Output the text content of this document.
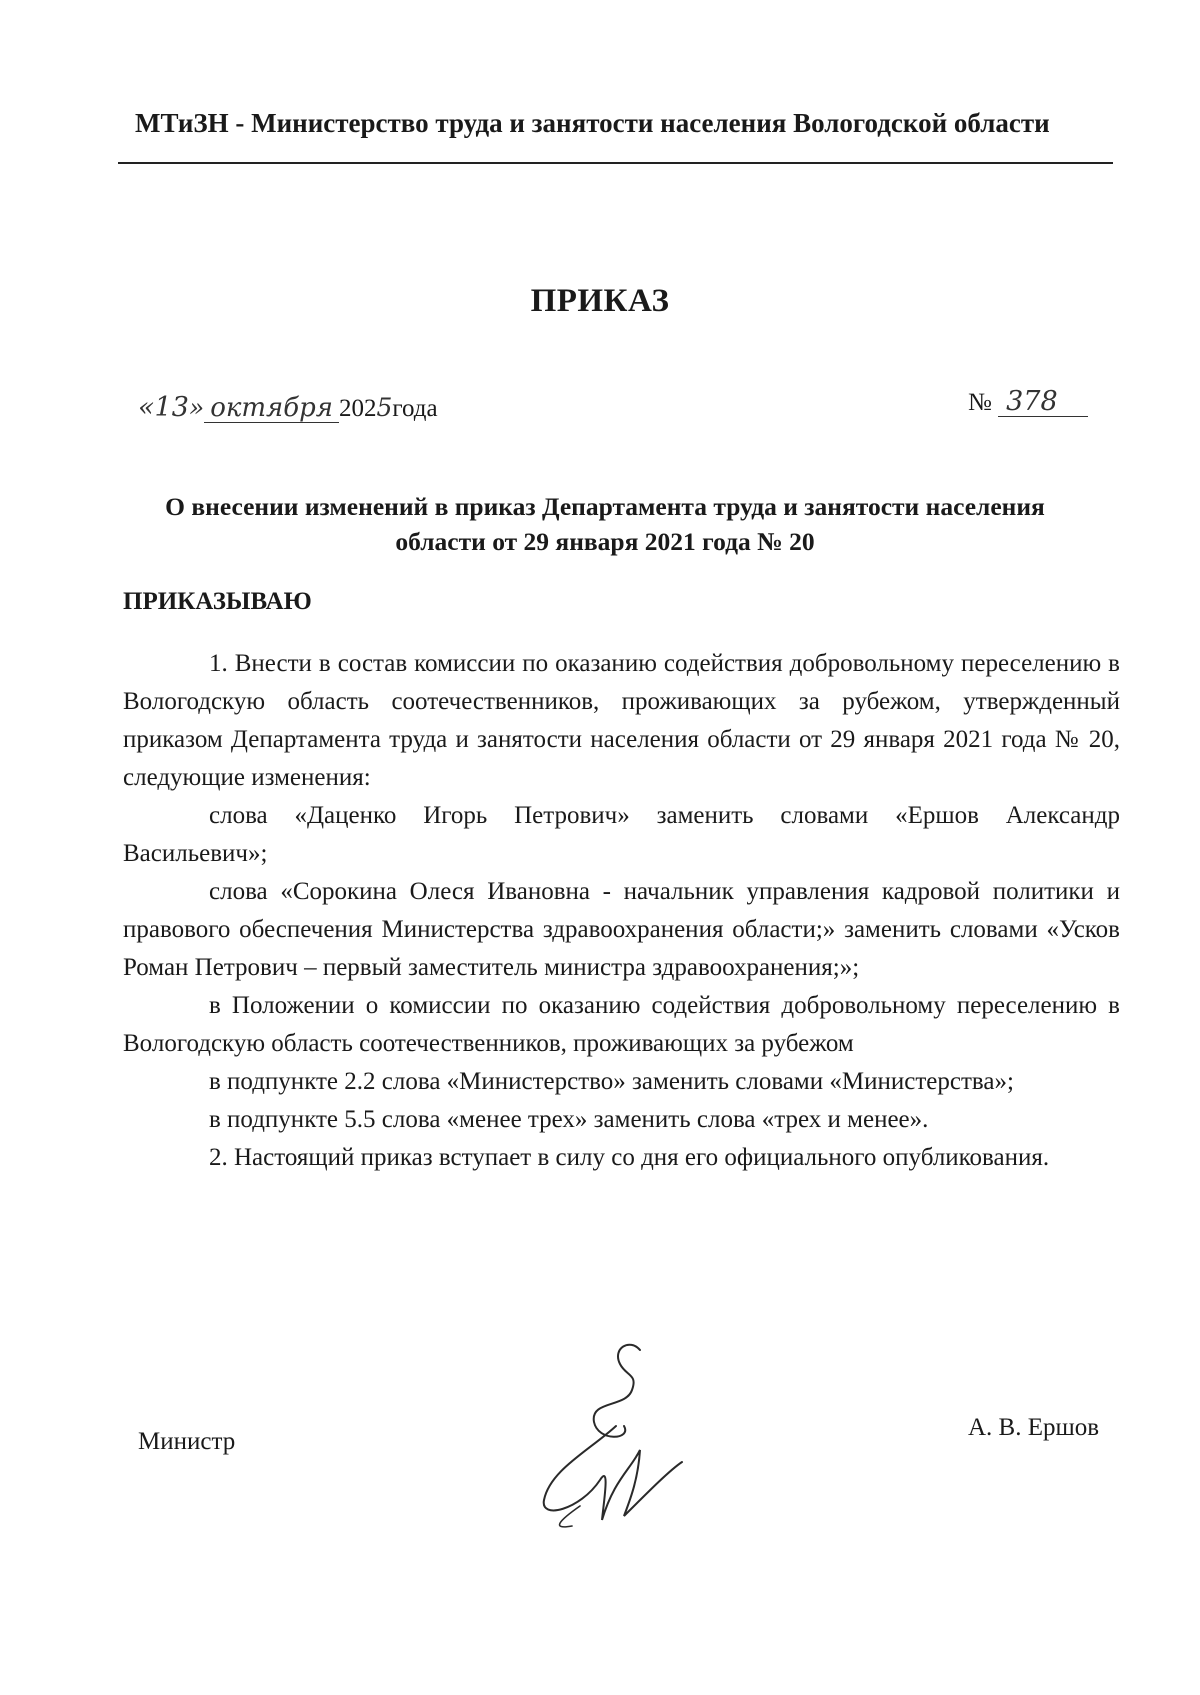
МТиЗН - Министерство труда и занятости населения Вологодской области
ПРИКАЗ
«13» октября 2025года	№ 378
О внесении изменений в приказ Департамента труда и занятости населения
области от 29 января 2021 года № 20
ПРИКАЗЫВАЮ

1. Внести в состав комиссии по оказанию содействия добровольному переселению в Вологодскую область соотечественников, проживающих за рубежом, утвержденный приказом Департамента труда и занятости населения области от 29 января 2021 года № 20, следующие изменения:

слова «Даценко Игорь Петрович» заменить словами «Ершов Александр Васильевич»;

слова «Сорокина Олеся Ивановна - начальник управления кадровой политики и правового обеспечения Министерства здравоохранения области;» заменить словами «Усков Роман Петрович – первый заместитель министра здравоохранения;»;

в Положении о комиссии по оказанию содействия добровольному переселению в Вологодскую область соотечественников, проживающих за рубежом

в подпункте 2.2 слова «Министерство» заменить словами «Министерства»;

в подпункте 5.5 слова «менее трех» заменить слова «трех и менее».

2. Настоящий приказ вступает в силу со дня его официального опубликования.

Министр
А. В. Ершов
